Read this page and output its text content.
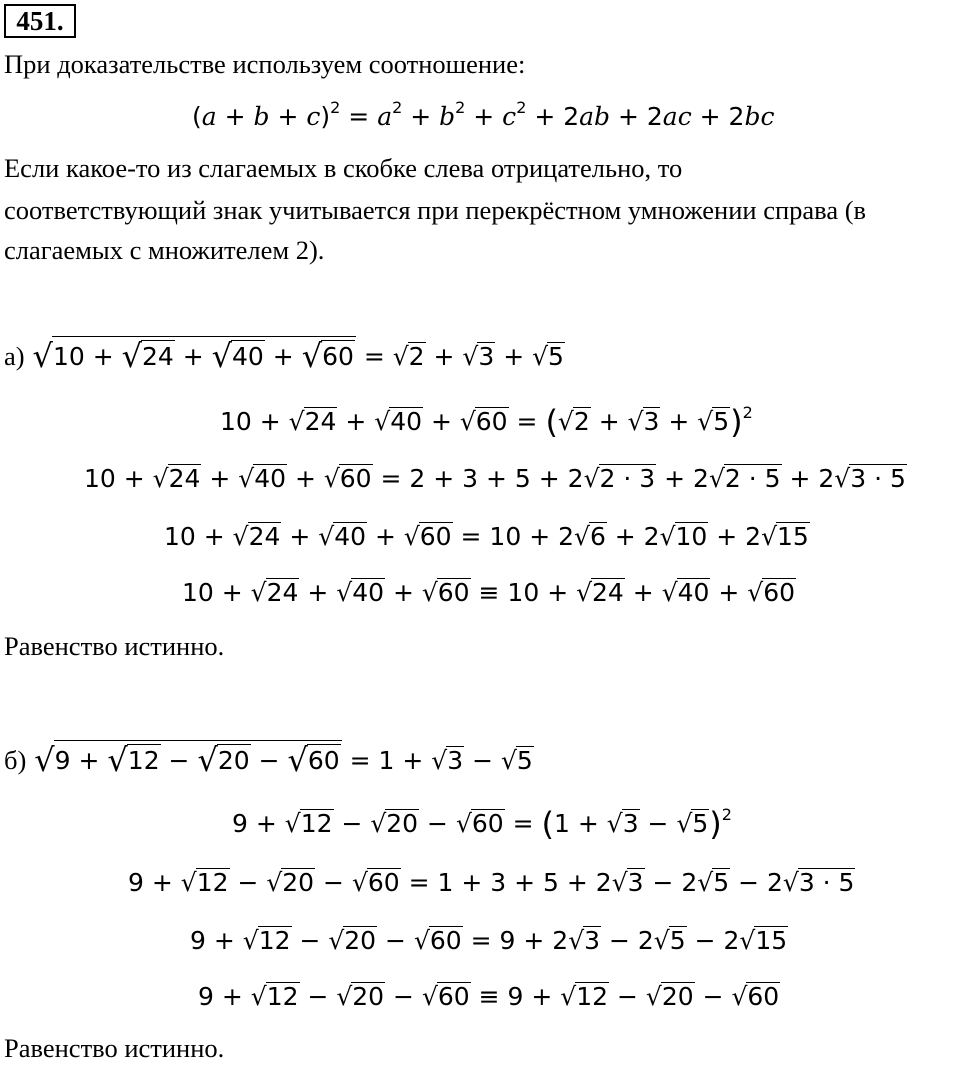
451.
При доказательстве используем соотношение:
$(a + b + c)^2 = a^2 + b^2 + c^2 + 2ab + 2ac + 2bc$
Если какое-то из слагаемых в скобке слева отрицательно, то
соответствующий знак учитывается при перекрёстном умножении справа (в
слагаемых с множителем 2).
а) √10 + √24 + √40 + √60 = √2 + √3 + √5
$10 + √24 + √40 + √60 = (√2 + √3 + √5)^2$
10 + √24 + √40 + √60 = 2 + 3 + 5 + 2√2 · 3 + 2√2 · 5 + 2√3 · 5
10 + √24 + √40 + √60 = 10 + 2√6 + 2√10 + 2√15
10 + √24 + √40 + √60 ≡ 10 + √24 + √40 + √60
Равенство истинно.
б) √9 + √12 − √20 − √60 = 1 + √3 − √5
$9 + √12 - √20 - √60 = (1 + √3 - √5)^2$
9 + √12 − √20 − √60 = 1 + 3 + 5 + 2√3 − 2√5 − 2√3 · 5
9 + √12 − √20 − √60 = 9 + 2√3 − 2√5 − 2√15
9 + √12 − √20 − √60 ≡ 9 + √12 − √20 − √60
Равенство истинно.
